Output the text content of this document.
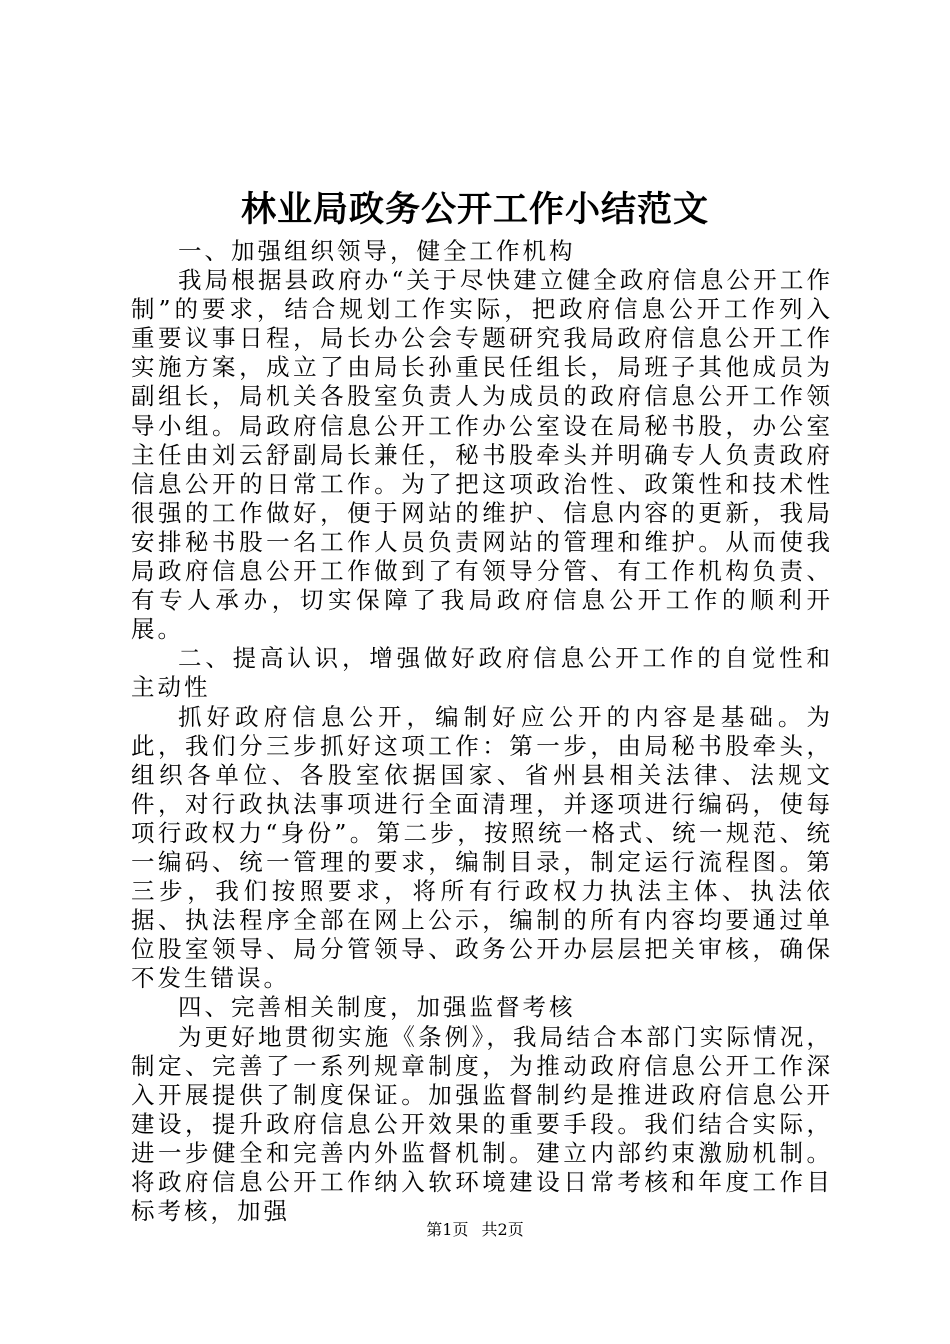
林业局政务公开工作小结范文

一、加强组织领导，健全工作机构

我局根据县政府办“关于尽快建立健全政府信息公开工作制”的要求，结合规划工作实际，把政府信息公开工作列入重要议事日程，局长办公会专题研究我局政府信息公开工作实施方案，成立了由局长孙重民任组长，局班子其他成员为副组长，局机关各股室负责人为成员的政府信息公开工作领导小组。局政府信息公开工作办公室设在局秘书股，办公室主任由刘云舒副局长兼任，秘书股牵头并明确专人负责政府信息公开的日常工作。为了把这项政治性、政策性和技术性很强的工作做好，便于网站的维护、信息内容的更新，我局安排秘书股一名工作人员负责网站的管理和维护。从而使我局政府信息公开工作做到了有领导分管、有工作机构负责、有专人承办，切实保障了我局政府信息公开工作的顺利开展。

二、提高认识，增强做好政府信息公开工作的自觉性和主动性

抓好政府信息公开，编制好应公开的内容是基础。为此，我们分三步抓好这项工作：第一步，由局秘书股牵头，组织各单位、各股室依据国家、省州县相关法律、法规文件，对行政执法事项进行全面清理，并逐项进行编码，使每项行政权力“身份”。第二步，按照统一格式、统一规范、统一编码、统一管理的要求，编制目录，制定运行流程图。第三步，我们按照要求，将所有行政权力执法主体、执法依据、执法程序全部在网上公示，编制的所有内容均要通过单位股室领导、局分管领导、政务公开办层层把关审核，确保不发生错误。

四、完善相关制度，加强监督考核

为更好地贯彻实施《条例》，我局结合本部门实际情况，制定、完善了一系列规章制度，为推动政府信息公开工作深入开展提供了制度保证。加强监督制约是推进政府信息公开建设，提升政府信息公开效果的重要手段。我们结合实际，进一步健全和完善内外监督机制。建立内部约束激励机制。将政府信息公开工作纳入软环境建设日常考核和年度工作目标考核，加强

第1页 共2页
